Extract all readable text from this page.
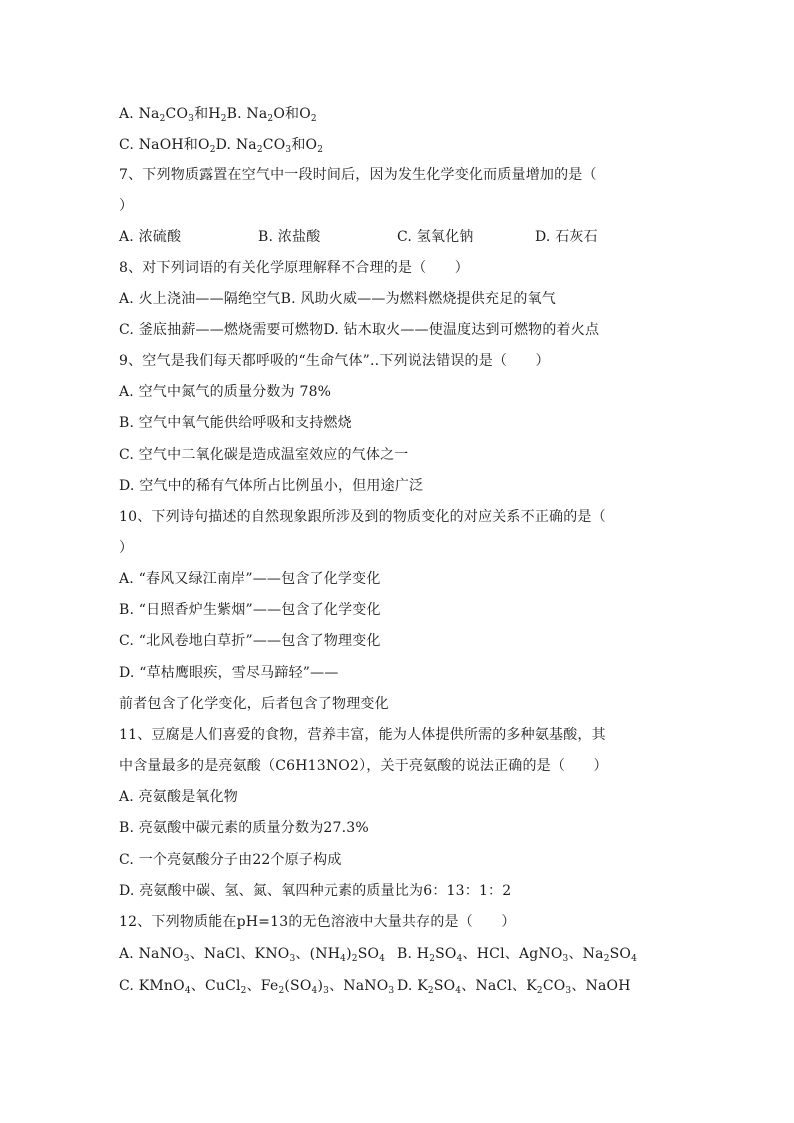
A. $Na_2CO_3$和$H_2B$. $Na_2O$和$O_2$
C. NaOH和$O_2D$. $Na_2CO_3$和$O_2$
7、下列物质露置在空气中一段时间后，因为发生化学变化而质量增加的是（
）
A. 浓硫酸	B. 浓盐酸	C. 氢氧化钠	D. 石灰石
8、对下列词语的有关化学原理解释不合理的是（　　）
A. 火上浇油——隔绝空气B. 风助火威——为燃料燃烧提供充足的氧气
C. 釜底抽薪——燃烧需要可燃物D. 钻木取火——使温度达到可燃物的着火点
9、空气是我们每天都呼吸的“生命气体”..下列说法错误的是（　　）
A. 空气中氮气的质量分数为 78%
B. 空气中氧气能供给呼吸和支持燃烧
C. 空气中二氧化碳是造成温室效应的气体之一
D. 空气中的稀有气体所占比例虽小，但用途广泛
10、下列诗句描述的自然现象跟所涉及到的物质变化的对应关系不正确的是（
）
A. “春风又绿江南岸”——包含了化学变化
B. “日照香炉生紫烟”——包含了化学变化
C. “北风卷地白草折”——包含了物理变化
D. “草枯鹰眼疾，雪尽马蹄轻”——
前者包含了化学变化，后者包含了物理变化
11、豆腐是人们喜爱的食物，营养丰富，能为人体提供所需的多种氨基酸，其
中含量最多的是亮氨酸（C6H13NO2），关于亮氨酸的说法正确的是（　　）
A. 亮氨酸是氧化物
B. 亮氨酸中碳元素的质量分数为27.3%
C. 一个亮氨酸分子由22个原子构成
D. 亮氨酸中碳、氢、氮、氧四种元素的质量比为6：13：1：2
12、下列物质能在pH=13的无色溶液中大量共存的是（　　）
A. NaNO$_3$、NaCl、$KNO_3$、$(NH_4)_2SO_4$ B. $H_2SO_4$、HCl、AgNO$_3$、$Na_2SO_4$
C. KMnO$_4$、CuCl$_2$、$Fe_2(SO_4)_3$、NaNO$_3$ D. $K_2SO_4$、NaCl、$K_2CO_3$、NaOH
